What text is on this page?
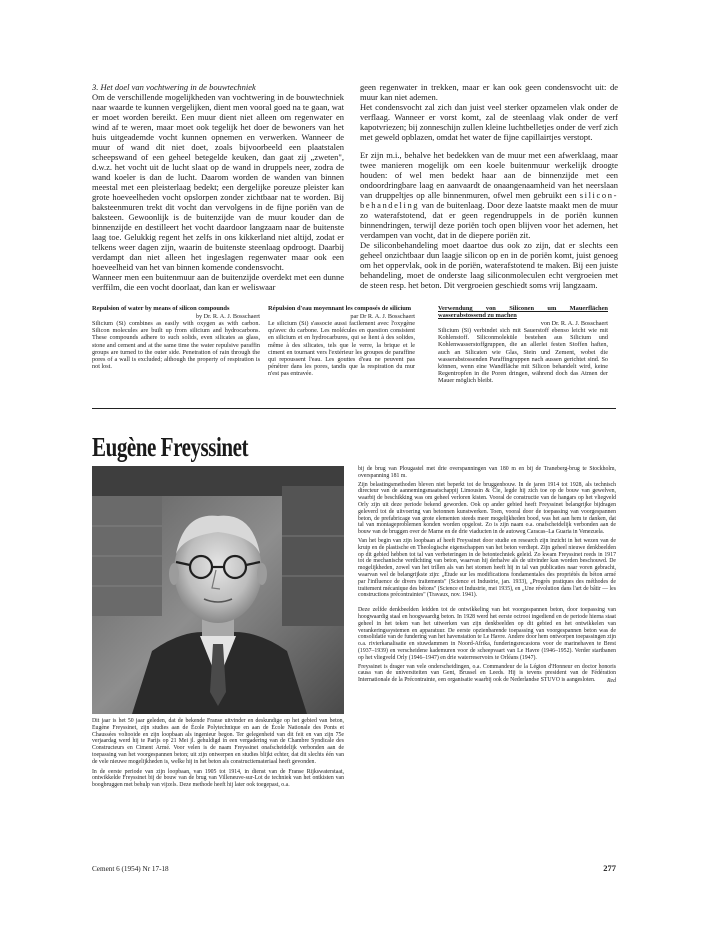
3. Het doel van vochtwering in de bouwtechniek

Om de verschillende mogelijkheden van vochtwering in de bouwtechniek naar waarde te kunnen vergelijken, dient men vooral goed na te gaan, wat er moet worden bereikt. Een muur dient niet alleen om regenwater en wind af te weren, maar moet ook tegelijk het doer de bewoners van het huis uitgeademde vocht kunnen opnemen en verwerken. Wanneer de muur of wand dit niet doet, zoals bijvoorbeeld een plaatstalen scheepswand of een geheel betegelde keuken, dan gaat zij „zweten", d.w.z. het vocht uit de lucht slaat op de wand in druppels neer, zodra de wand koeler is dan de lucht. Daarom worden de wanden van binnen meestal met een pleisterlaag bedekt; een dergelijke poreuze pleister kan grote hoeveelheden vocht opslorpen zonder zichtbaar nat te worden. Bij baksteenmuren trekt dit vocht dan vervolgens in de fijne poriën van de baksteen. Gewoonlijk is de buitenzijde van de muur kouder dan de binnenzijde en destilleert het vocht daardoor langzaam naar de buitenste laag toe. Gelukkig regent het zelfs in ons kikkerland niet altijd, zodat er telkens weer dagen zijn, waarin de buitenste steenlaag opdroogt. Daarbij verdampt dan niet alleen het ingeslagen regenwater maar ook een hoeveelheid van het van binnen komende condensvocht.

Wanneer men een buitenmuur aan de buitenzijde overdekt met een dunne verffilm, die een vocht doorlaat, dan kan er weliswaar

geen regenwater in trekken, maar er kan ook geen condensvocht uit: de muur kan niet ademen.

Het condensvocht zal zich dan juist veel sterker opzamelen vlak onder de verflaag. Wanneer er vorst komt, zal de steenlaag vlak onder de verf kapotvriezen; bij zonneschijn zullen kleine luchtbelletjes onder de verf zich met geweld opblazen, omdat het water de fijne capillairtjes verstopt.

Er zijn m.i., behalve het bedekken van de muur met een afwerklaag, maar twee manieren mogelijk om een koele buitenmuur werkelijk droogte houden: of wel men bedekt haar aan de binnenzijde met een ondoordringbare laag en aanvaardt de onaangenaamheid van het neerslaan van druppeltjes op alle binnenmuren, ofwel men gebruikt een silicon-behandeling van de buitenlaag. Door deze laatste maakt men de muur zo waterafstotend, dat er geen regendruppels in de poriën kunnen binnendringen, terwijl deze poriën toch open blijven voor het ademen, het verdampen van vocht, dat in de diepere poriën zit.

De siliconbehandeling moet daartoe dus ook zo zijn, dat er slechts een geheel onzichtbaar dun laagje silicon op en in de poriën komt, juist genoeg om het oppervlak, ook in de poriën, waterafstotend te maken. Bij een juiste behandeling, moet de onderste laag siliconmoleculen echt vergroeien met de steen resp. het beton. Dit vergroeien geschiedt soms vrij langzaam.

Repulsion of water by means of silicon compounds
by Dr. R. A. J. Bosschaert
Silicium (Si) combines as easily with oxygen as with carbon. Silicon molecules are built up from silicium and hydrocarbons. These compounds adhere to such solids, even silicates as glass, stone and cement and at the same time the water repulsive paraffin groups are turned to the outer side. Penetration of rain through the pores of a wall is excluded; although the property of respiration is not lost.
Répulsion d'eau moyennant les composés de silicium
par Dr R. A. J. Bosschaert
Le silicium (Si) s'associe aussi facilement avec l'oxygène qu'avec du carbone. Les molécules en question consistent en silicium et en hydrocarbures, qui se lient à des solides, même à des silicates, tels que le verre, la brique et le ciment en tournant vers l'extérieur les groupes de paraffine qui repoussent l'eau. Les gouttes d'eau ne peuvent pas pénétrer dans les pores, tandis que la respiration du mur n'est pas entravée.
Verwendung von Siliconen um Mauerflächen wasserabstossend zu machen
von Dr. R. A. J. Bosschaert
Silicium (Si) verbindet sich mit Sauerstoff ebenso leicht wie mit Kohlenstoff. Siliconmoleküle bestehen aus Silicium und Kohlenwasserstoffgruppen, die an allerlei festen Stoffen haften, auch an Silicaten wie Glas, Stein und Zement, wobei die wasserabstossenden Paraffingruppen nach aussen gerichtet sind. So können, wenn eine Wandfläche mit Silicon behandelt wird, keine Regentropfen in die Poren dringen, während doch das Atmen der Mauer möglich bleibt.
Eugène Freyssinet

Dit jaar is het 50 jaar geleden, dat de bekende Franse uitvinder en deskundige op het gebied van beton, Eugène Freyssinet, zijn studies aan de École Polytechnique en aan de École Nationale des Ponts et Chaussées voltooide en zijn loopbaan als ingenieur begon. Ter gelegenheid van dit feit en van zijn 75e verjaardag werd hij te Parijs op 21 Mei jl. gehuldigd in een vergadering van de Chambre Syndicale des Constructeurs en Ciment Armé. Voor velen is de naam Freyssinet onafscheidelijk verbonden aan de toepassing van het voorgespannen beton; uit zijn ontwerpen en studies blijkt echter, dat dit slechts één van de vele nieuwe mogelijkheden is, welke hij in het beton als constructiemateriaal heeft gevonden.

In de eerste periode van zijn loopbaan, van 1905 tot 1914, in dienst van de Franse Rijkswaterstaat, ontwikkelde Freyssinet bij de bouw van de brug van Villeneuve-sur-Lot de techniek van het ontkisten van boogbruggen met behulp van vijzels. Deze methode heeft hij later ook toegepast, o.a.

bij de brug van Plougastel met drie overspanningen van 180 m en bij de Traneberg-brug te Stockholm, overspanning 181 m.

Zijn belastingsmethoden bleven niet beperkt tot de bruggenbouw. In de jaren 1914 tot 1928, als technisch directeur van de aannemingsmaatschappij Limousin & Cie, legde hij zich toe op de bouw van gewelven, waarbij de beschikking was om geheel verloren kisten. Vooral de constructie van de hangars op het vliegveld Orly zijn uit deze periode bekend geworden. Ook op ander gebied heeft Freyssinet belangrijke bijdragen geleverd tot de uitvoering van betonnen kunstwerken. Toen, vooral door de toepassing van voorgespannen beton, de prefabricage van grote elementen steeds meer mogelijkheden bood, was het aan hem te danken, dat tal van montageproblemen konden worden opgelost. Zo is zijn naam o.a. onafscheidelijk verbonden aan de bouw van de bruggen over de Marne en de drie viaducten in de autoweg Caracas–La Guaria in Venezuela.

Van het begin van zijn loopbaan af heeft Freyssinet door studie en research zijn inzicht in het wezen van de kruip en de plastische en Theologische eigenschappen van het beton verdiept. Zijn geheel nieuwe denkbeelden op dit gebied hebben tot tal van verbeteringen in de betontechniek geleid. Zo kwam Freyssinet reeds in 1917 tot de mechanische verdichting van beton, waarvan hij derhalve als de uitvinder kan worden beschouwd. De mogelijkheden, zowel van het trillen als van het stomen heeft hij in tal van publicaties naar voren gebracht, waarvan wel de belangrijkste zijn: „Étude sur les modifications fondamentales des propriétés du béton armé par l'influence de divers traitements" (Science et Industrie, jan. 1933), „Progrès pratiques des méthodes de traitement mécanique des bétons" (Science et Industrie, mei 1935), en „Une révolution dans l'art de bâtir — les constructions précontraintes" (Travaux, nov. 1941).

Deze zelfde denkbeelden leidden tot de ontwikkeling van het voorgespannen beton, door toepassing van hoogwaardig staal en hoogwaardig beton. In 1928 werd het eerste octrooi ingediend en de periode hierna staat geheel in het teken van het uitwerken van zijn denkbeelden op dit gebied en het ontwikkelen van verankeringssystemen en apparatuur. De eerste opzienbarende toepassing van voorgespannen beton was de consolidatie van de fundering van het havenstation te Le Havre. Andere door hem ontworpen toepassingen zijn o.a. rivierkanalisatie en stuwdammen in Noord-Afrika, funderingsrecasions voor de marinehaven te Brest (1937–1939) en verscheidene kademuren voor de scheepvaart van Le Havre (1946–1952). Verder startbanen op het vliegveld Orly (1946–1947) en drie waterreservoirs te Orléans (1947).

Freyssinet is drager van vele onderscheidingen, o.a. Commandeur de la Légion d'Honneur en doctor honoris causa van de universiteiten van Gent, Brussel en Leeds. Hij is tevens president van de Fédération Internationale de la Précontrainte, een organisatie waarbij ook de Nederlandse STUVO is aangesloten.	Red
Cement 6 (1954) Nr 17-18	277
